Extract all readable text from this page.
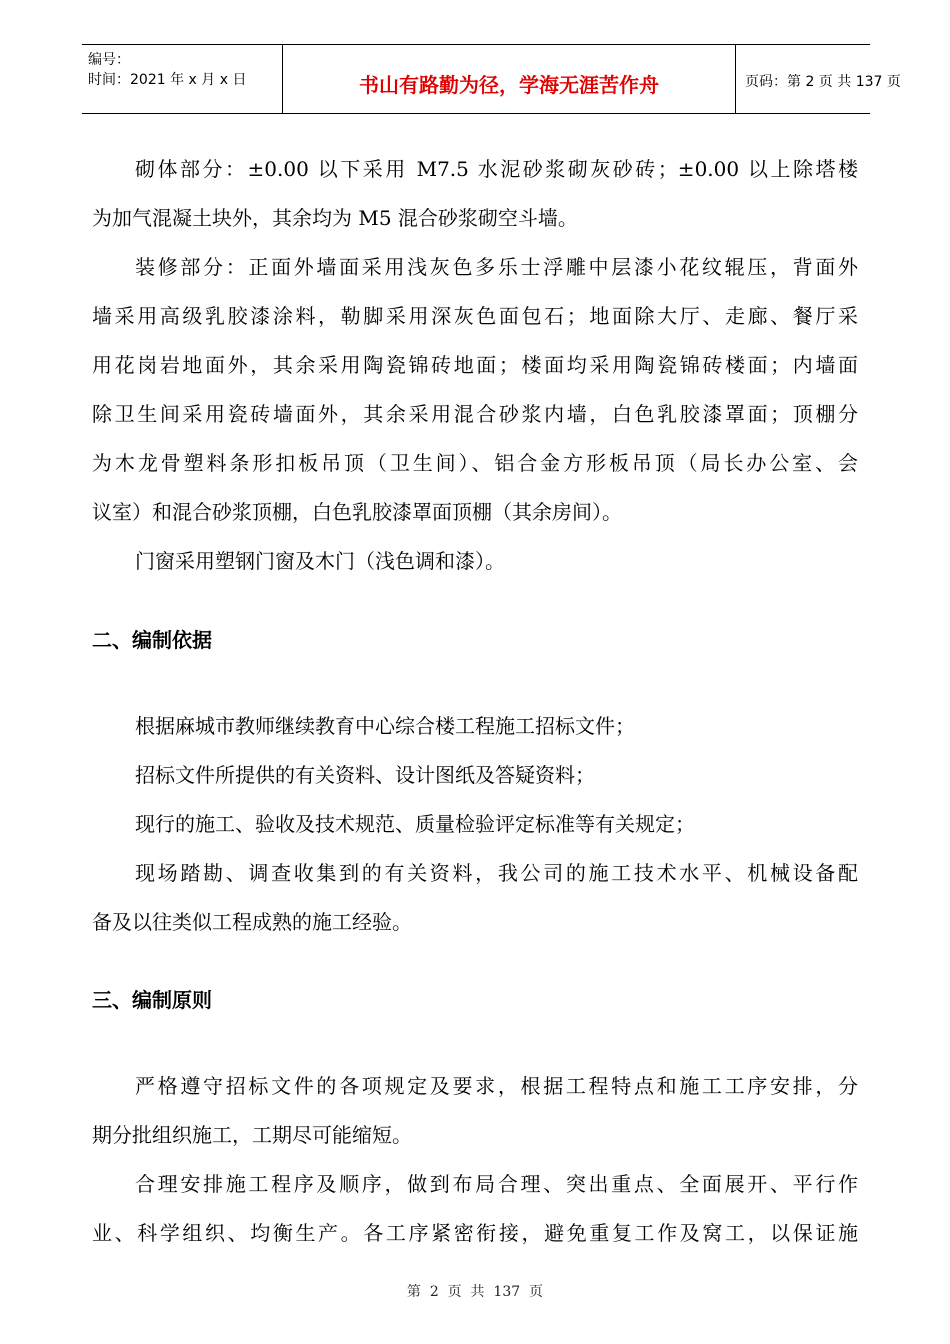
编号：
时间：2021 年 x 月 x 日	书山有路勤为径，学海无涯苦作舟	页码：第 2 页 共 137 页
砌体部分：±0.00 以下采用 M7.5 水泥砂浆砌灰砂砖；±0.00 以上除塔楼
为加气混凝土块外，其余均为 M5 混合砂浆砌空斗墙。
装修部分：正面外墙面采用浅灰色多乐士浮雕中层漆小花纹辊压，背面外
墙采用高级乳胶漆涂料，勒脚采用深灰色面包石；地面除大厅、走廊、餐厅采
用花岗岩地面外，其余采用陶瓷锦砖地面；楼面均采用陶瓷锦砖楼面；内墙面
除卫生间采用瓷砖墙面外，其余采用混合砂浆内墙，白色乳胶漆罩面；顶棚分
为木龙骨塑料条形扣板吊顶（卫生间）、铝合金方形板吊顶（局长办公室、会
议室）和混合砂浆顶棚，白色乳胶漆罩面顶棚（其余房间）。
门窗采用塑钢门窗及木门（浅色调和漆）。
二、编制依据
根据麻城市教师继续教育中心综合楼工程施工招标文件；
招标文件所提供的有关资料、设计图纸及答疑资料；
现行的施工、验收及技术规范、质量检验评定标准等有关规定；
现场踏勘、调查收集到的有关资料，我公司的施工技术水平、机械设备配
备及以往类似工程成熟的施工经验。
三、编制原则
严格遵守招标文件的各项规定及要求，根据工程特点和施工工序安排，分
期分批组织施工，工期尽可能缩短。
合理安排施工程序及顺序，做到布局合理、突出重点、全面展开、平行作
业、科学组织、均衡生产。各工序紧密衔接，避免重复工作及窝工，以保证施
第  2  页  共  137  页
